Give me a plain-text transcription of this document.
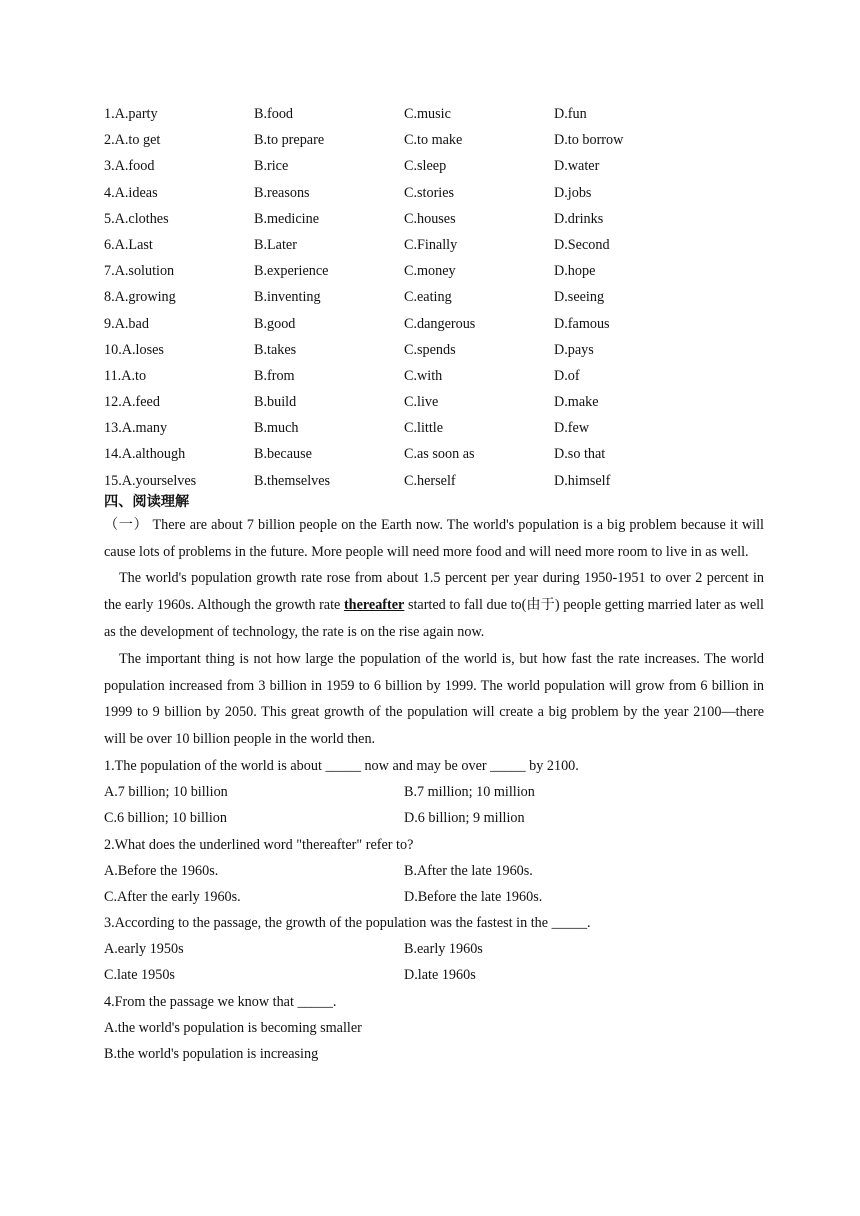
1.A.party	B.food	C.music	D.fun
2.A.to get	B.to prepare	C.to make	D.to borrow
3.A.food	B.rice	C.sleep	D.water
4.A.ideas	B.reasons	C.stories	D.jobs
5.A.clothes	B.medicine	C.houses	D.drinks
6.A.Last	B.Later	C.Finally	D.Second
7.A.solution	B.experience	C.money	D.hope
8.A.growing	B.inventing	C.eating	D.seeing
9.A.bad	B.good	C.dangerous	D.famous
10.A.loses	B.takes	C.spends	D.pays
11.A.to	B.from	C.with	D.of
12.A.feed	B.build	C.live	D.make
13.A.many	B.much	C.little	D.few
14.A.although	B.because	C.as soon as	D.so that
15.A.yourselves	B.themselves	C.herself	D.himself
四、阅读理解
（一） There are about 7 billion people on the Earth now. The world's population is a big problem because it will cause lots of problems in the future. More people will need more food and will need more room to live in as well.
The world's population growth rate rose from about 1.5 percent per year during 1950-1951 to over 2 percent in the early 1960s. Although the growth rate thereafter started to fall due to(由于) people getting married later as well as the development of technology, the rate is on the rise again now.
The important thing is not how large the population of the world is, but how fast the rate increases. The world population increased from 3 billion in 1959 to 6 billion by 1999. The world population will grow from 6 billion in 1999 to 9 billion by 2050. This great growth of the population will create a big problem by the year 2100—there will be over 10 billion people in the world then.
1.The population of the world is about _____ now and may be over _____ by 2100.
A.7 billion; 10 billion	B.7 million; 10 million
C.6 billion; 10 billion	D.6 billion; 9 million
2.What does the underlined word "thereafter" refer to?
A.Before the 1960s.	B.After the late 1960s.
C.After the early 1960s.	D.Before the late 1960s.
3.According to the passage, the growth of the population was the fastest in the _____.
A.early 1950s	B.early 1960s
C.late 1950s	D.late 1960s
4.From the passage we know that _____.
A.the world's population is becoming smaller
B.the world's population is increasing
